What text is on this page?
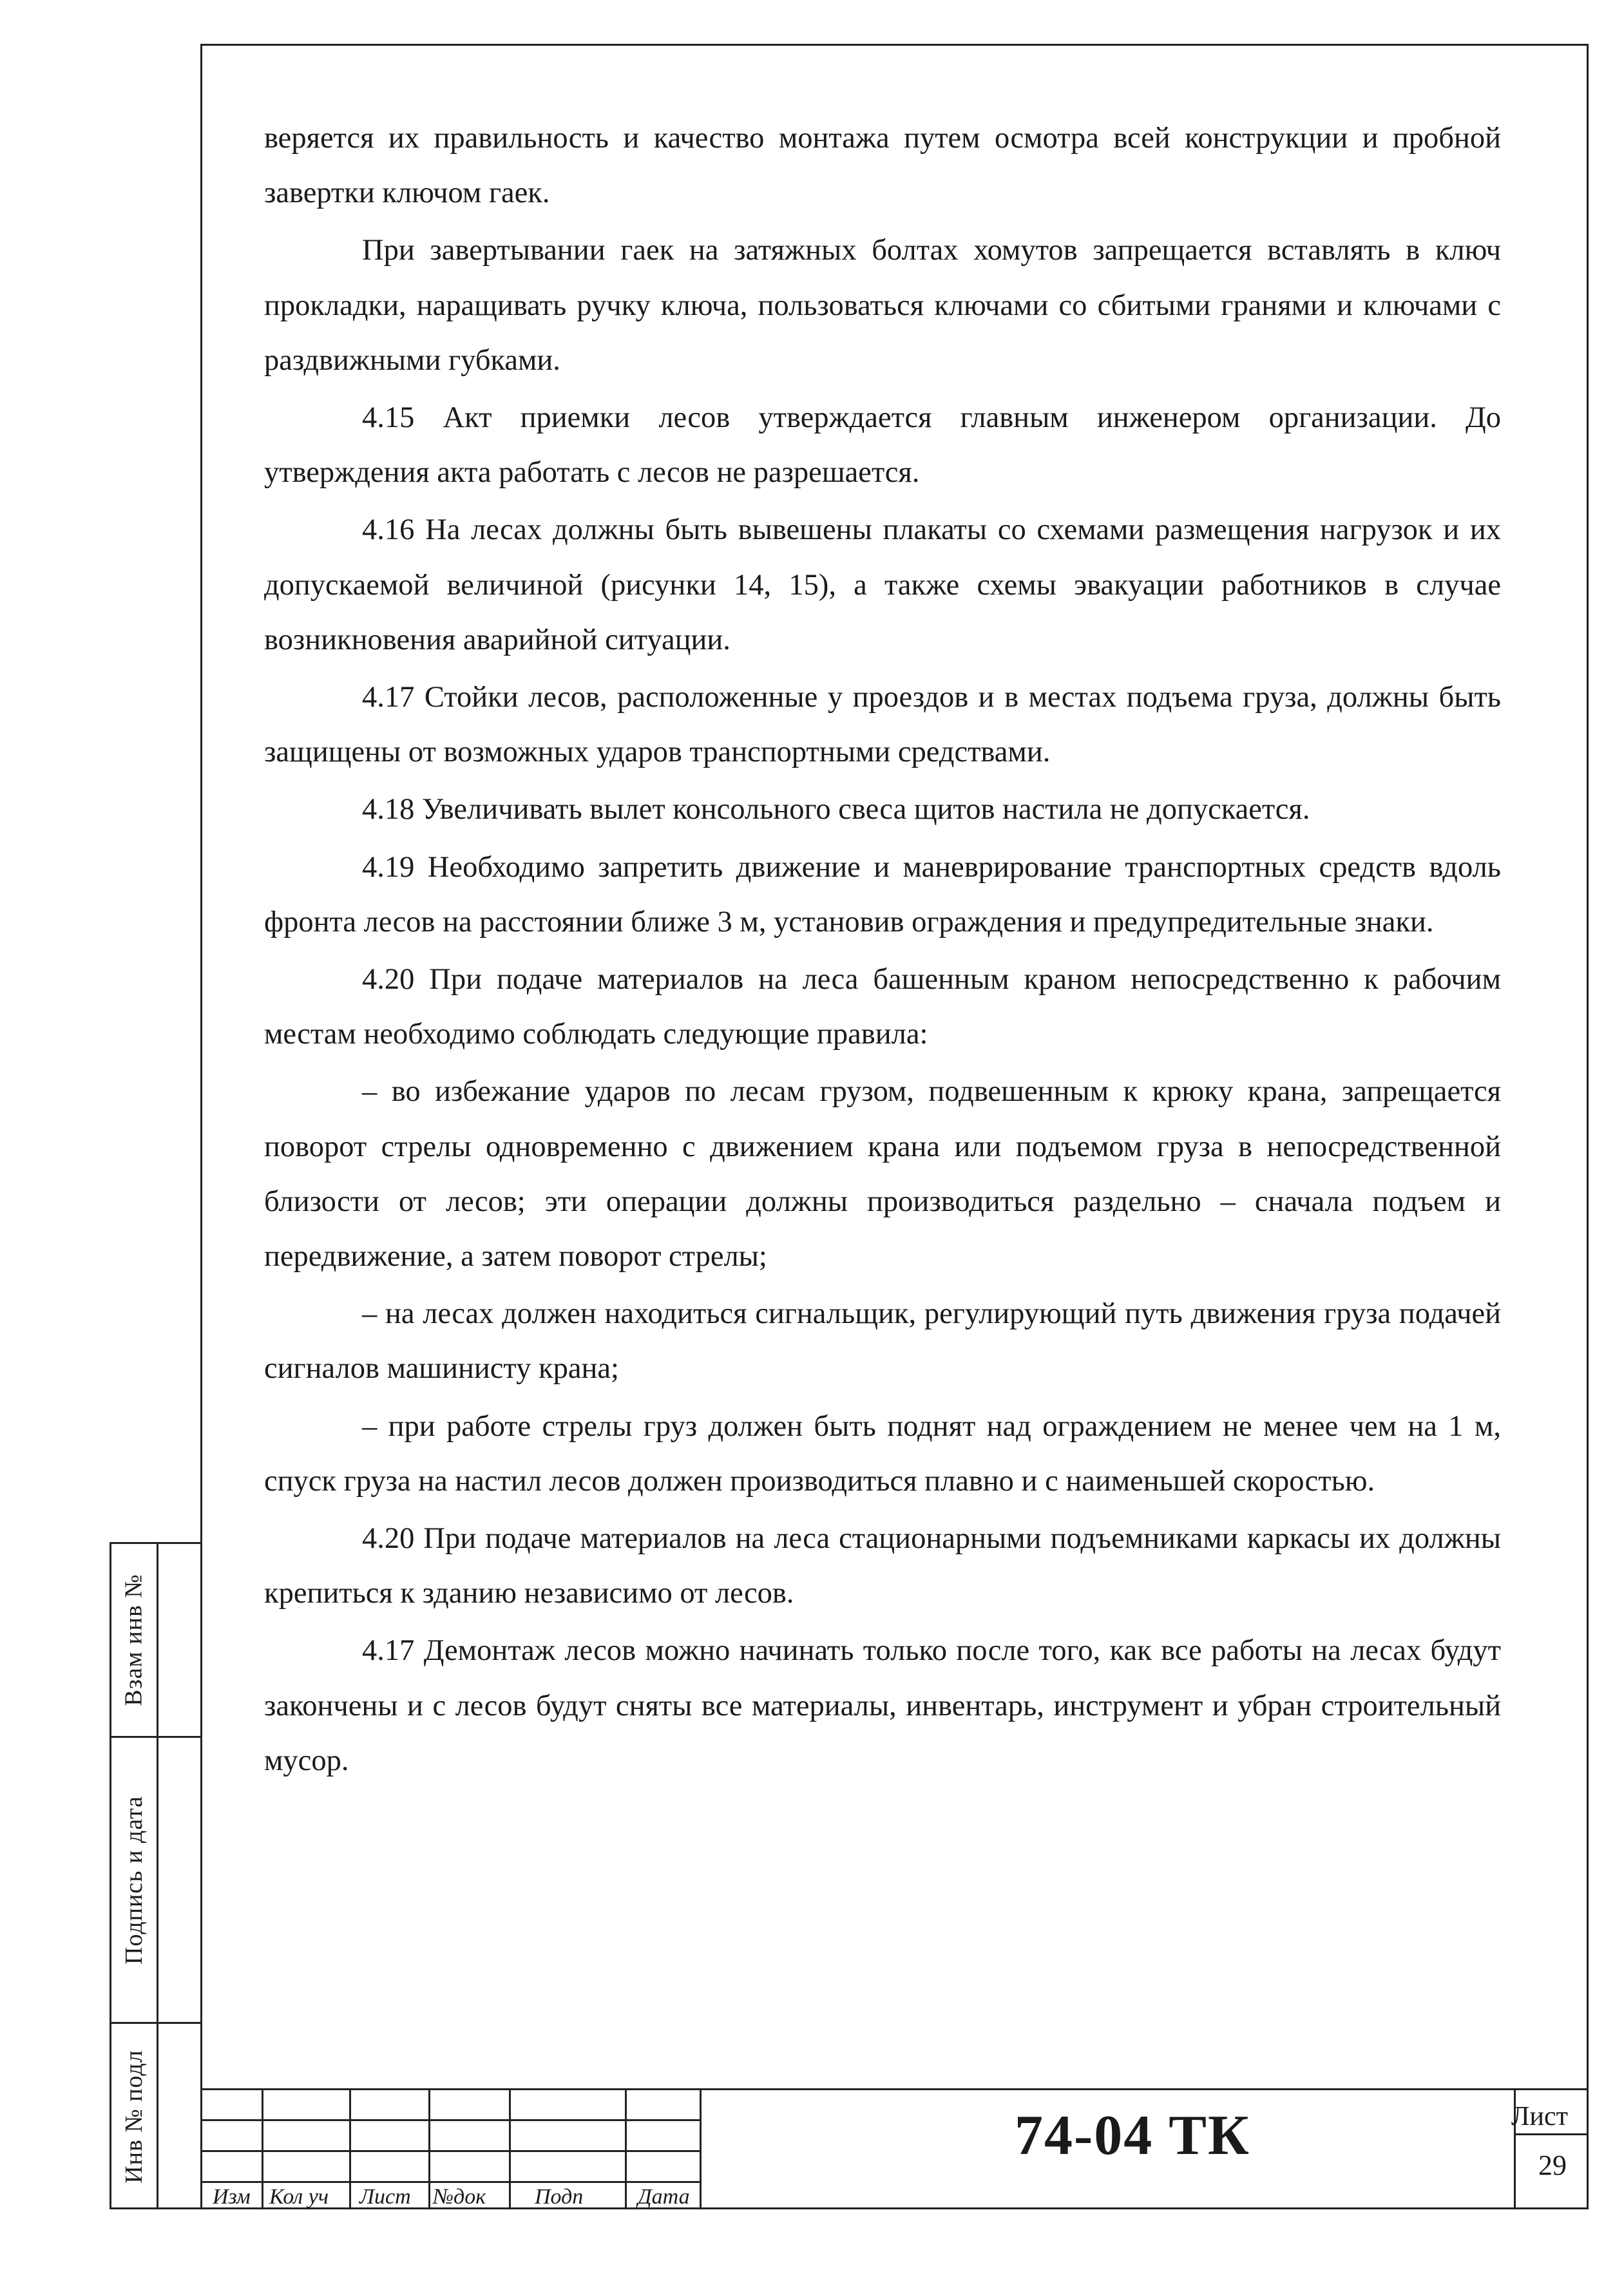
Взам инв №
Подпись и дата
Инв № подл

веряется их правильность и качество монтажа путем осмотра всей конструкции и пробной завертки ключом гаек.

При завертывании гаек на затяжных болтах хомутов запрещается вставлять в ключ прокладки, наращивать ручку ключа, пользоваться ключами со сбитыми гранями и ключами с раздвижными губками.

4.15 Акт приемки лесов утверждается главным инженером организации. До утверждения акта работать с лесов не разрешается.

4.16 На лесах должны быть вывешены плакаты со схемами размещения нагрузок и их допускаемой величиной (рисунки 14, 15), а также схемы эвакуации работников в случае возникновения аварийной ситуации.

4.17 Стойки лесов, расположенные у проездов и в местах подъема груза, должны быть защищены от возможных ударов транспортными средствами.

4.18 Увеличивать вылет консольного свеса щитов настила не допускается.

4.19 Необходимо запретить движение и маневрирование транспортных средств вдоль фронта лесов на расстоянии ближе 3 м, установив ограждения и предупредительные знаки.

4.20 При подаче материалов на леса башенным краном непосредственно к рабочим местам необходимо соблюдать следующие правила:

– во избежание ударов по лесам грузом, подвешенным к крюку крана, запрещается поворот стрелы одновременно с движением крана или подъемом груза в непосредственной близости от лесов; эти операции должны производиться раздельно – сначала подъем и передвижение, а затем поворот стрелы;

– на лесах должен находиться сигнальщик, регулирующий путь движения груза подачей сигналов машинисту крана;

– при работе стрелы груз должен быть поднят над ограждением не менее чем на 1 м, спуск груза на настил лесов должен производиться плавно и с наименьшей скоростью.

4.20 При подаче материалов на леса стационарными подъемниками каркасы их должны крепиться к зданию независимо от лесов.

4.17 Демонтаж лесов можно начинать только после того, как все работы на лесах будут закончены и с лесов будут сняты все материалы, инвентарь, инструмент и убран строительный мусор.

Изм Кол уч Лист №док Подп Дата
74-04 ТК	Лист
29
